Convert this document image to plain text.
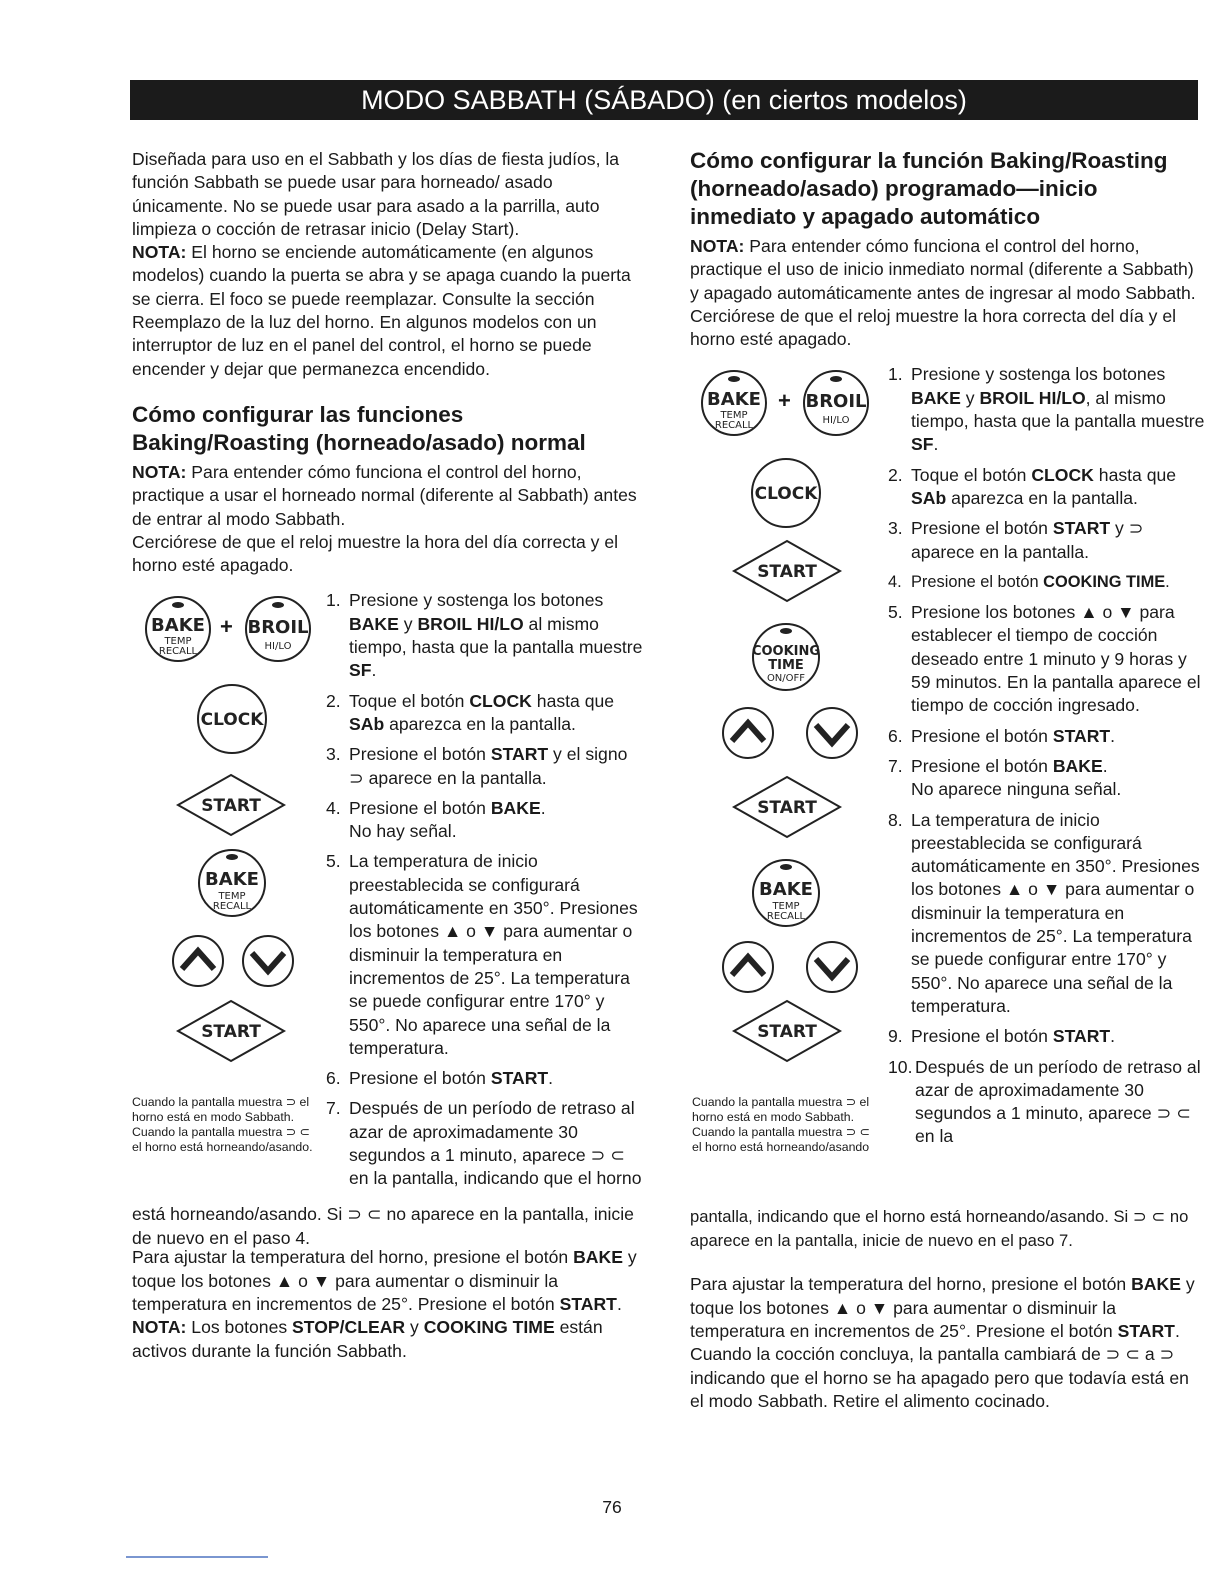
MODO SABBATH (SÁBADO) (en ciertos modelos)

Diseñada para uso en el Sabbath y los días de fiesta judíos, la función Sabbath se puede usar para horneado/ asado únicamente. No se puede usar para asado a la parrilla, auto limpieza o cocción de retrasar inicio (Delay Start).

NOTA: El horno se enciende automáticamente (en algunos modelos) cuando la puerta se abra y se apaga cuando la puerta se cierra. El foco se puede reemplazar. Consulte la sección Reemplazo de la luz del horno. En algunos modelos con un interruptor de luz en el panel del control, el horno se puede encender y dejar que permanezca encendido.

Cómo configurar las funciones Baking/Roasting (horneado/asado) normal

NOTA: Para entender cómo funciona el control del horno, practique a usar el horneado normal (diferente al Sabbath) antes de entrar al modo Sabbath.

Cerciórese de que el reloj muestre la hora del día correcta y el horno esté apagado.

BAKE
TEMP
RECALL
+ BROIL
HI/LO
CLOCK
START
BAKE
TEMP
RECALL
START
Cuando la pantalla muestra ⊃ el horno está en modo Sabbath. Cuando la pantalla muestra ⊃ ⊂ el horno está horneando/asando.
1. Presione y sostenga los botones BAKE y BROIL HI/LO al mismo tiempo, hasta que la pantalla muestre SF.
2. Toque el botón CLOCK hasta que SAb aparezca en la pantalla.
3. Presione el botón START y el signo ⊃ aparece en la pantalla.
4. Presione el botón BAKE.
No hay señal.
5. La temperatura de inicio preestablecida se configurará automáticamente en 350°. Presiones los botones ▲ o ▼ para aumentar o disminuir la temperatura en incrementos de 25°. La temperatura se puede configurar entre 170° y 550°. No aparece una señal de la temperatura.
6. Presione el botón START.
7. Después de un período de retraso al azar de aproximadamente 30 segundos a 1 minuto, aparece ⊃ ⊂ en la pantalla, indicando que el horno
está horneando/asando. Si ⊃ ⊂ no aparece en la pantalla, inicie de nuevo en el paso 4.

Para ajustar la temperatura del horno, presione el botón BAKE y toque los botones ▲ o ▼ para aumentar o disminuir la temperatura en incrementos de 25°. Presione el botón START.

NOTA: Los botones STOP/CLEAR y COOKING TIME están activos durante la función Sabbath.

Cómo configurar la función Baking/Roasting (horneado/asado) programado—inicio inmediato y apagado automático

NOTA: Para entender cómo funciona el control del horno, practique el uso de inicio inmediato normal (diferente a Sabbath) y apagado automáticamente antes de ingresar al modo Sabbath.

Cerciórese de que el reloj muestre la hora correcta del día y el horno esté apagado.

BAKE
TEMP
RECALL
+ BROIL
HI/LO
CLOCK
START
COOKING
TIME
ON/OFF
START
BAKE
TEMP
RECALL
START
Cuando la pantalla muestra ⊃ el horno está en modo Sabbath. Cuando la pantalla muestra ⊃ ⊂ el horno está horneando/asando
1. Presione y sostenga los botones BAKE y BROIL HI/LO, al mismo tiempo, hasta que la pantalla muestre SF.
2. Toque el botón CLOCK hasta que SAb aparezca en la pantalla.
3. Presione el botón START y ⊃ aparece en la pantalla.
4. Presione el botón COOKING TIME.
5. Presione los botones ▲ o ▼ para establecer el tiempo de cocción deseado entre 1 minuto y 9 horas y 59 minutos. En la pantalla aparece el tiempo de cocción ingresado.
6. Presione el botón START.
7. Presione el botón BAKE.
No aparece ninguna señal.
8. La temperatura de inicio preestablecida se configurará automáticamente en 350°. Presiones los botones ▲ o ▼ para aumentar o disminuir la temperatura en incrementos de 25°. La temperatura se puede configurar entre 170° y 550°. No aparece una señal de la temperatura.
9. Presione el botón START.
10. Después de un período de retraso al azar de aproximadamente 30 segundos a 1 minuto, aparece ⊃ ⊂ en la
pantalla, indicando que el horno está horneando/asando. Si ⊃ ⊂ no aparece en la pantalla, inicie de nuevo en el paso 7.

Para ajustar la temperatura del horno, presione el botón BAKE y toque los botones ▲ o ▼ para aumentar o disminuir la temperatura en incrementos de 25°. Presione el botón START.

Cuando la cocción concluya, la pantalla cambiará de ⊃ ⊂ a ⊃ indicando que el horno se ha apagado pero que todavía está en el modo Sabbath. Retire el alimento cocinado.

76
